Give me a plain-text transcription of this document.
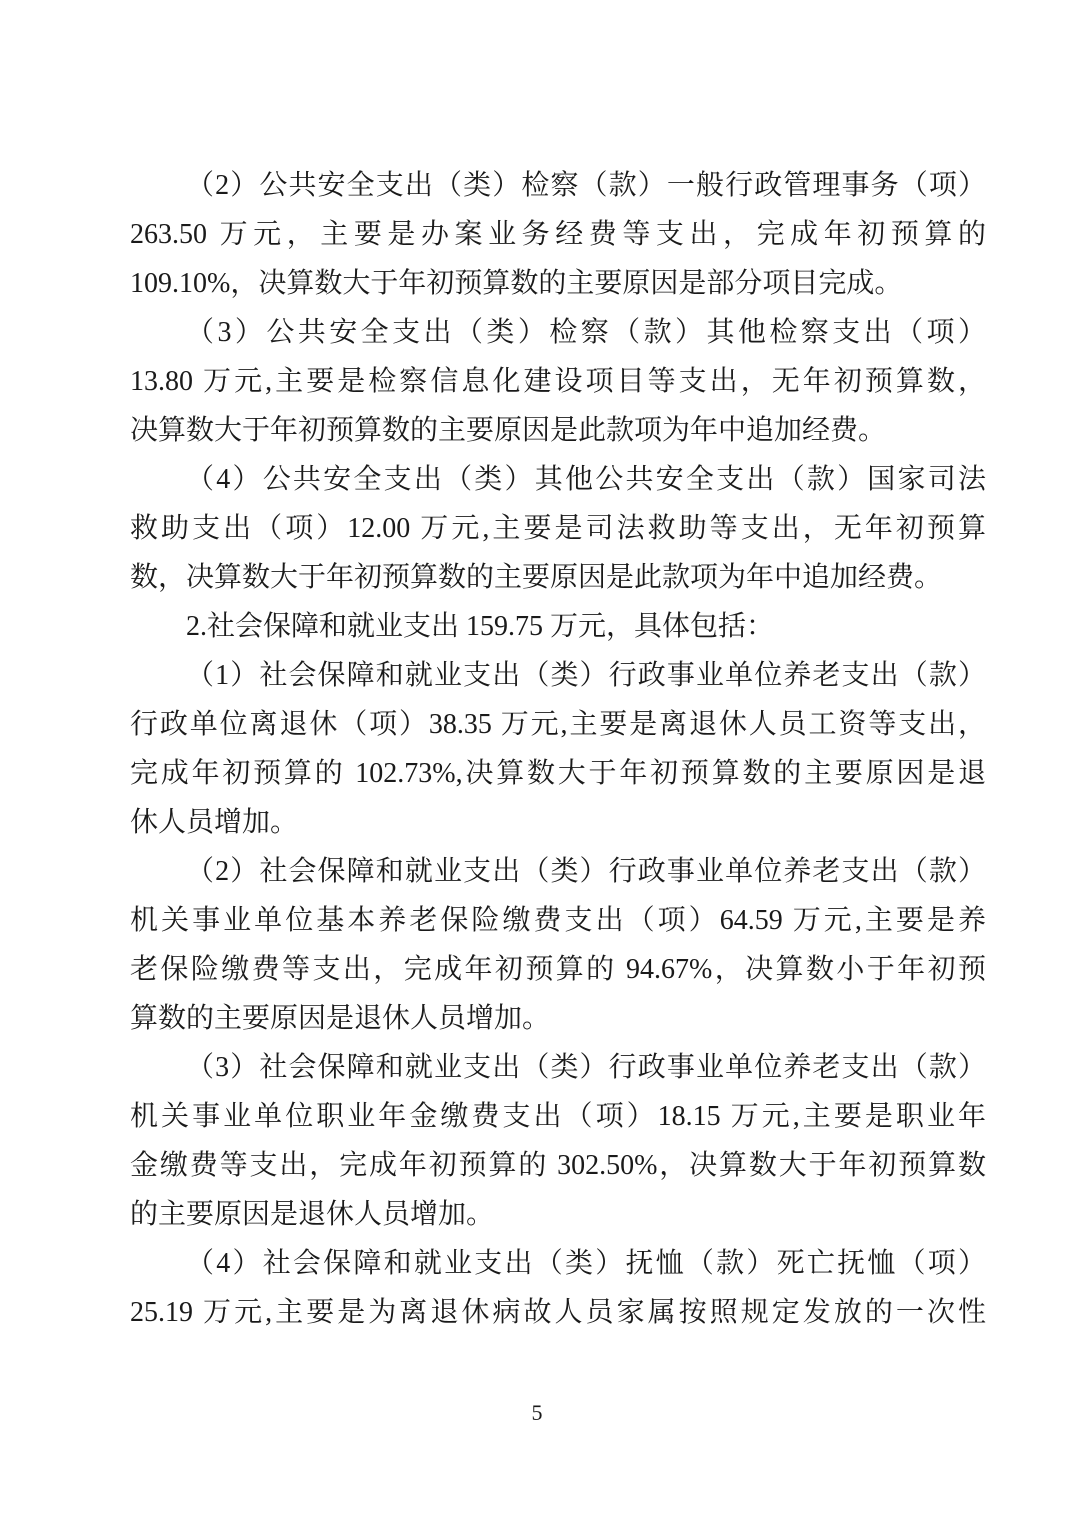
（2）公共安全支出（类）检察（款）一般行政管理事务（项）
263.50 万元，主要是办案业务经费等支出，完成年初预算的
109.10%，决算数大于年初预算数的主要原因是部分项目完成。
（3）公共安全支出（类）检察（款）其他检察支出（项）
13.80 万元,主要是检察信息化建设项目等支出，无年初预算数，
决算数大于年初预算数的主要原因是此款项为年中追加经费。
（4）公共安全支出（类）其他公共安全支出（款）国家司法
救助支出（项）12.00 万元,主要是司法救助等支出，无年初预算
数，决算数大于年初预算数的主要原因是此款项为年中追加经费。
2.社会保障和就业支出 159.75 万元，具体包括：
（1）社会保障和就业支出（类）行政事业单位养老支出（款）
行政单位离退休（项）38.35 万元,主要是离退休人员工资等支出，
完成年初预算的 102.73%,决算数大于年初预算数的主要原因是退
休人员增加。
（2）社会保障和就业支出（类）行政事业单位养老支出（款）
机关事业单位基本养老保险缴费支出（项）64.59 万元,主要是养
老保险缴费等支出，完成年初预算的 94.67%，决算数小于年初预
算数的主要原因是退休人员增加。
（3）社会保障和就业支出（类）行政事业单位养老支出（款）
机关事业单位职业年金缴费支出（项）18.15 万元,主要是职业年
金缴费等支出，完成年初预算的 302.50%，决算数大于年初预算数
的主要原因是退休人员增加。
（4）社会保障和就业支出（类）抚恤（款）死亡抚恤（项）
25.19 万元,主要是为离退休病故人员家属按照规定发放的一次性
5
